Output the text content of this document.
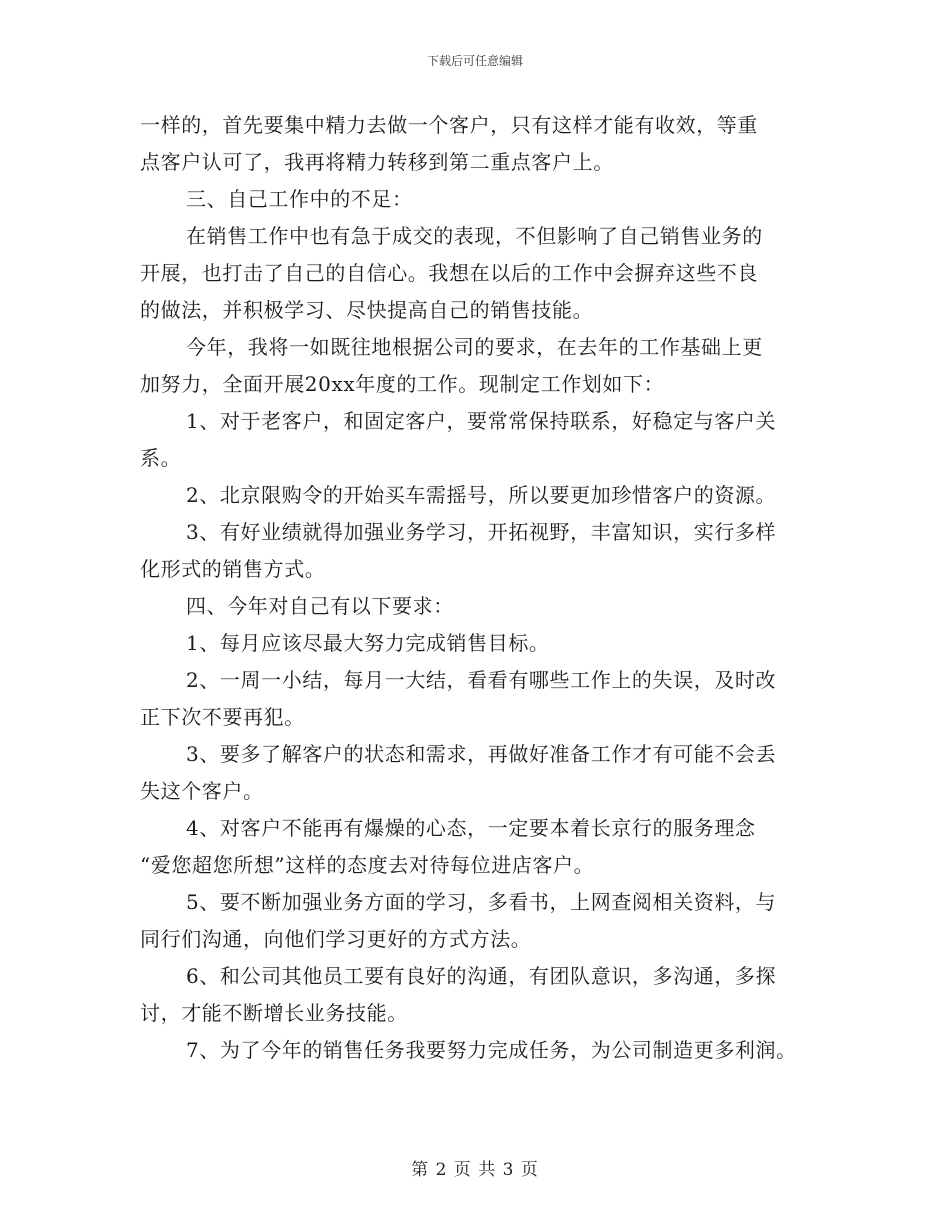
下载后可任意编辑
一样的，首先要集中精力去做一个客户，只有这样才能有收效，等重
点客户认可了，我再将精力转移到第二重点客户上。
三、自己工作中的不足：
在销售工作中也有急于成交的表现，不但影响了自己销售业务的
开展，也打击了自己的自信心。我想在以后的工作中会摒弃这些不良
的做法，并积极学习、尽快提高自己的销售技能。
今年，我将一如既往地根据公司的要求，在去年的工作基础上更
加努力，全面开展20xx年度的工作。现制定工作划如下：
1、对于老客户，和固定客户，要常常保持联系，好稳定与客户关
系。
2、北京限购令的开始买车需摇号，所以要更加珍惜客户的资源。
3、有好业绩就得加强业务学习，开拓视野，丰富知识，实行多样
化形式的销售方式。
四、今年对自己有以下要求：
1、每月应该尽最大努力完成销售目标。
2、一周一小结，每月一大结，看看有哪些工作上的失误，及时改
正下次不要再犯。
3、要多了解客户的状态和需求，再做好准备工作才有可能不会丢
失这个客户。
4、对客户不能再有爆燥的心态，一定要本着长京行的服务理念
“爱您超您所想”这样的态度去对待每位进店客户。
5、要不断加强业务方面的学习，多看书，上网查阅相关资料，与
同行们沟通，向他们学习更好的方式方法。
6、和公司其他员工要有良好的沟通，有团队意识，多沟通，多探
讨，才能不断增长业务技能。
7、为了今年的销售任务我要努力完成任务，为公司制造更多利润。
第 2 页 共 3 页
